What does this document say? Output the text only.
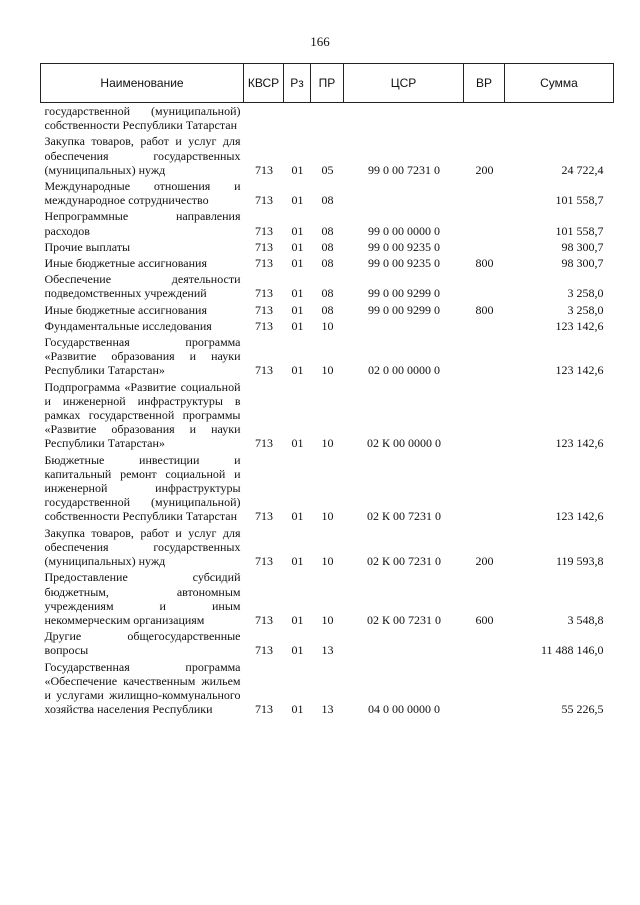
166
Наименование	КВСР	Рз	ПР	ЦСР	ВР	Сумма
государственной (муниципальной) собственности Республики Татарстан						
Закупка товаров, работ и услуг для обеспечения государственных (муниципальных) нужд	713	01	05	99 0 00 7231 0	200	24 722,4
Международные отношения и международное сотрудничество	713	01	08			101 558,7
Непрограммные направления расходов	713	01	08	99 0 00 0000 0		101 558,7
Прочие выплаты	713	01	08	99 0 00 9235 0		98 300,7
Иные бюджетные ассигнования	713	01	08	99 0 00 9235 0	800	98 300,7
Обеспечение деятельности подведомственных учреждений	713	01	08	99 0 00 9299 0		3 258,0
Иные бюджетные ассигнования	713	01	08	99 0 00 9299 0	800	3 258,0
Фундаментальные исследования	713	01	10			123 142,6
Государственная программа «Развитие образования и науки Республики Татарстан»	713	01	10	02 0 00 0000 0		123 142,6
Подпрограмма «Развитие социальной и инженерной инфраструктуры в рамках государственной программы «Развитие образования и науки Республики Татарстан»	713	01	10	02 К 00 0000 0		123 142,6
Бюджетные инвестиции и капитальный ремонт социальной и инженерной инфраструктуры государственной (муниципальной) собственности Республики Татарстан	713	01	10	02 К 00 7231 0		123 142,6
Закупка товаров, работ и услуг для обеспечения государственных (муниципальных) нужд	713	01	10	02 К 00 7231 0	200	119 593,8
Предоставление субсидий бюджетным, автономным учреждениям и иным некоммерческим организациям	713	01	10	02 К 00 7231 0	600	3 548,8
Другие общегосударственные вопросы	713	01	13			11 488 146,0
Государственная программа «Обеспечение качественным жильем и услугами жилищно-коммунального хозяйства населения Республики	713	01	13	04 0 00 0000 0		55 226,5
